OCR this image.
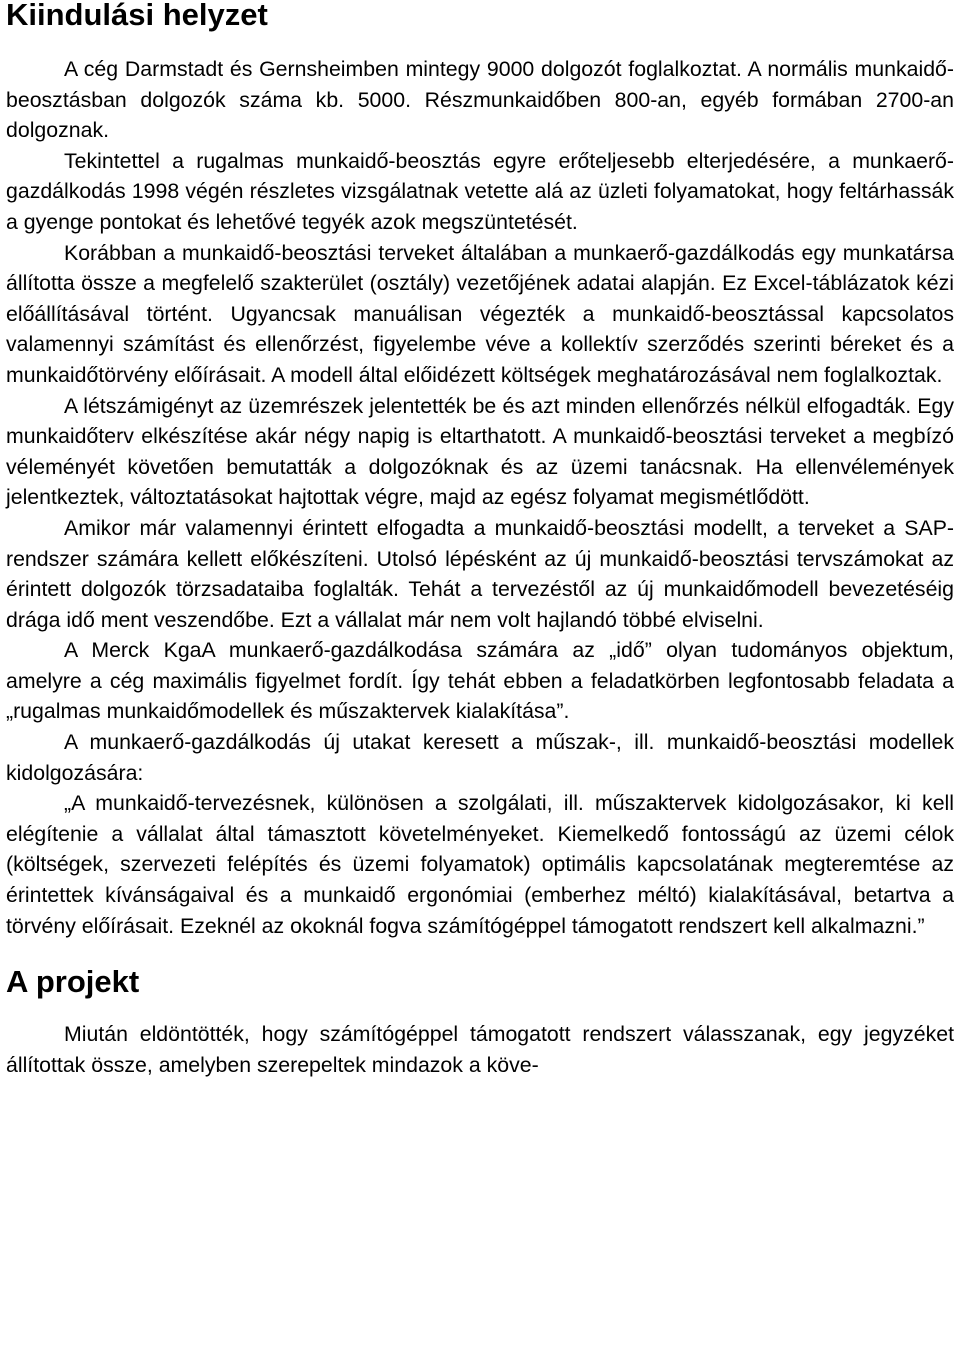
Kiindulási helyzet

A cég Darmstadt és Gernsheimben mintegy 9000 dolgozót foglalkoztat. A normális munkaidő-beosztásban dolgozók száma kb. 5000. Részmunkaidőben 800-an, egyéb formában 2700-an dolgoznak.

Tekintettel a rugalmas munkaidő-beosztás egyre erőteljesebb elterjedésére, a munkaerő-gazdálkodás 1998 végén részletes vizsgálatnak vetette alá az üzleti folyamatokat, hogy feltárhassák a gyenge pontokat és lehetővé tegyék azok megszüntetését.

Korábban a munkaidő-beosztási terveket általában a munkaerő-gazdálkodás egy munkatársa állította össze a megfelelő szakterület (osztály) vezetőjének adatai alapján. Ez Excel-táblázatok kézi előállításával történt. Ugyancsak manuálisan végezték a munkaidő-beosztással kapcsolatos valamennyi számítást és ellenőrzést, figyelembe véve a kollektív szerződés szerinti béreket és a munkaidőtörvény előírásait. A modell által előidézett költségek meghatározásával nem foglalkoztak.

A létszámigényt az üzemrészek jelentették be és azt minden ellenőrzés nélkül elfogadták. Egy munkaidőterv elkészítése akár négy napig is eltarthatott. A munkaidő-beosztási terveket a megbízó véleményét követően bemutatták a dolgozóknak és az üzemi tanácsnak. Ha ellenvélemények jelentkeztek, változtatásokat hajtottak végre, majd az egész folyamat megismétlődött.

Amikor már valamennyi érintett elfogadta a munkaidő-beosztási modellt, a terveket a SAP-rendszer számára kellett előkészíteni. Utolsó lépésként az új munkaidő-beosztási tervszámokat az érintett dolgozók törzsadataiba foglalták. Tehát a tervezéstől az új munkaidőmodell bevezetéséig drága idő ment veszendőbe. Ezt a vállalat már nem volt hajlandó többé elviselni.

A Merck KgaA munkaerő-gazdálkodása számára az „idő” olyan tudományos objektum, amelyre a cég maximális figyelmet fordít. Így tehát ebben a feladatkörben legfontosabb feladata a „rugalmas munkaidőmodellek és műszaktervek kialakítása”.

A munkaerő-gazdálkodás új utakat keresett a műszak-, ill. munkaidő-beosztási modellek kidolgozására:

„A munkaidő-tervezésnek, különösen a szolgálati, ill. műszaktervek kidolgozásakor, ki kell elégítenie a vállalat által támasztott követelményeket. Kiemelkedő fontosságú az üzemi célok (költségek, szervezeti felépítés és üzemi folyamatok) optimális kapcsolatának megteremtése az érintettek kívánságaival és a munkaidő ergonómiai (emberhez méltó) kialakításával, betartva a törvény előírásait. Ezeknél az okoknál fogva számítógéppel támogatott rendszert kell alkalmazni.”

A projekt

Miután eldöntötték, hogy számítógéppel támogatott rendszert válasszanak, egy jegyzéket állítottak össze, amelyben szerepeltek mindazok a köve-
